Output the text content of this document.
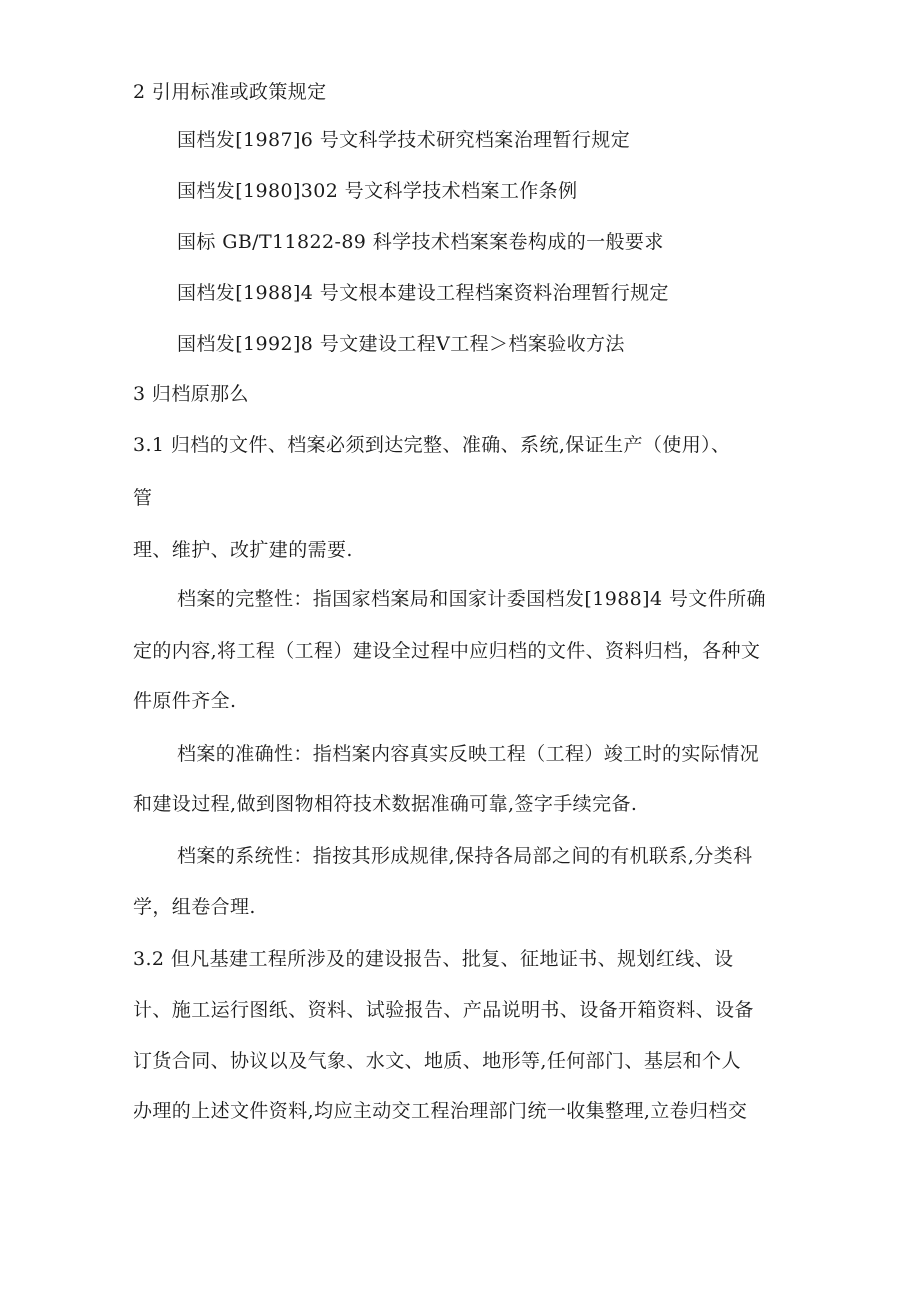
2 引用标准或政策规定
国档发[1987]6 号文科学技术研究档案治理暂行规定
国档发[1980]302 号文科学技术档案工作条例
国标 GB/T11822-89 科学技术档案案卷构成的一般要求
国档发[1988]4 号文根本建设工程档案资料治理暂行规定
国档发[1992]8 号文建设工程Ⅴ工程＞档案验收方法
3 归档原那么
3.1 归档的文件、档案必须到达完整、准确、系统,保证生产（使用）、
管
理、维护、改扩建的需要.
档案的完整性：指国家档案局和国家计委国档发[1988]4 号文件所确
定的内容,将工程（工程）建设全过程中应归档的文件、资料归档，各种文
件原件齐全.
档案的准确性：指档案内容真实反映工程（工程）竣工时的实际情况
和建设过程,做到图物相符技术数据准确可靠,签字手续完备.
档案的系统性：指按其形成规律,保持各局部之间的有机联系,分类科
学，组卷合理.
3.2 但凡基建工程所涉及的建设报告、批复、征地证书、规划红线、设
计、施工运行图纸、资料、试验报告、产品说明书、设备开箱资料、设备
订货合同、协议以及气象、水文、地质、地形等,任何部门、基层和个人
办理的上述文件资料,均应主动交工程治理部门统一收集整理,立卷归档交
